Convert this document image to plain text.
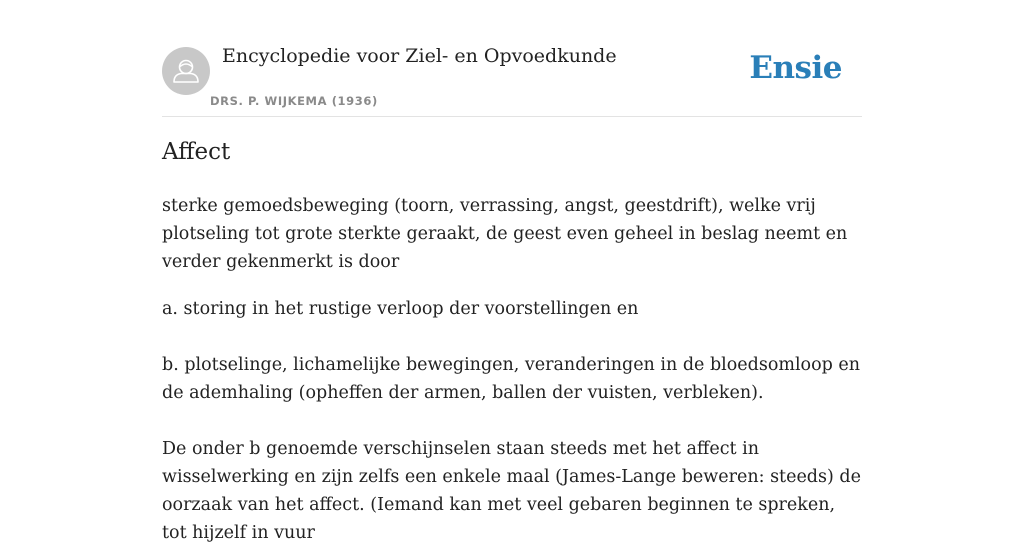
Encyclopedie voor Ziel- en Opvoedkunde
DRS. P. WIJKEMA (1936)
Ensie
Affect

sterke gemoedsbeweging (toorn, verrassing, angst, geestdrift), welke vrij plotseling tot grote sterkte geraakt, de geest even geheel in beslag neemt en verder gekenmerkt is door

a. storing in het rustige verloop der voorstellingen en

b. plotselinge, lichamelijke bewegingen, veranderingen in de bloedsomloop en de ademhaling (opheffen der armen, ballen der vuisten, verbleken).

De onder b genoemde verschijnselen staan steeds met het affect in wisselwerking en zijn zelfs een enkele maal (James-Lange beweren: steeds) de oorzaak van het affect. (Iemand kan met veel gebaren beginnen te spreken, tot hijzelf in vuur
